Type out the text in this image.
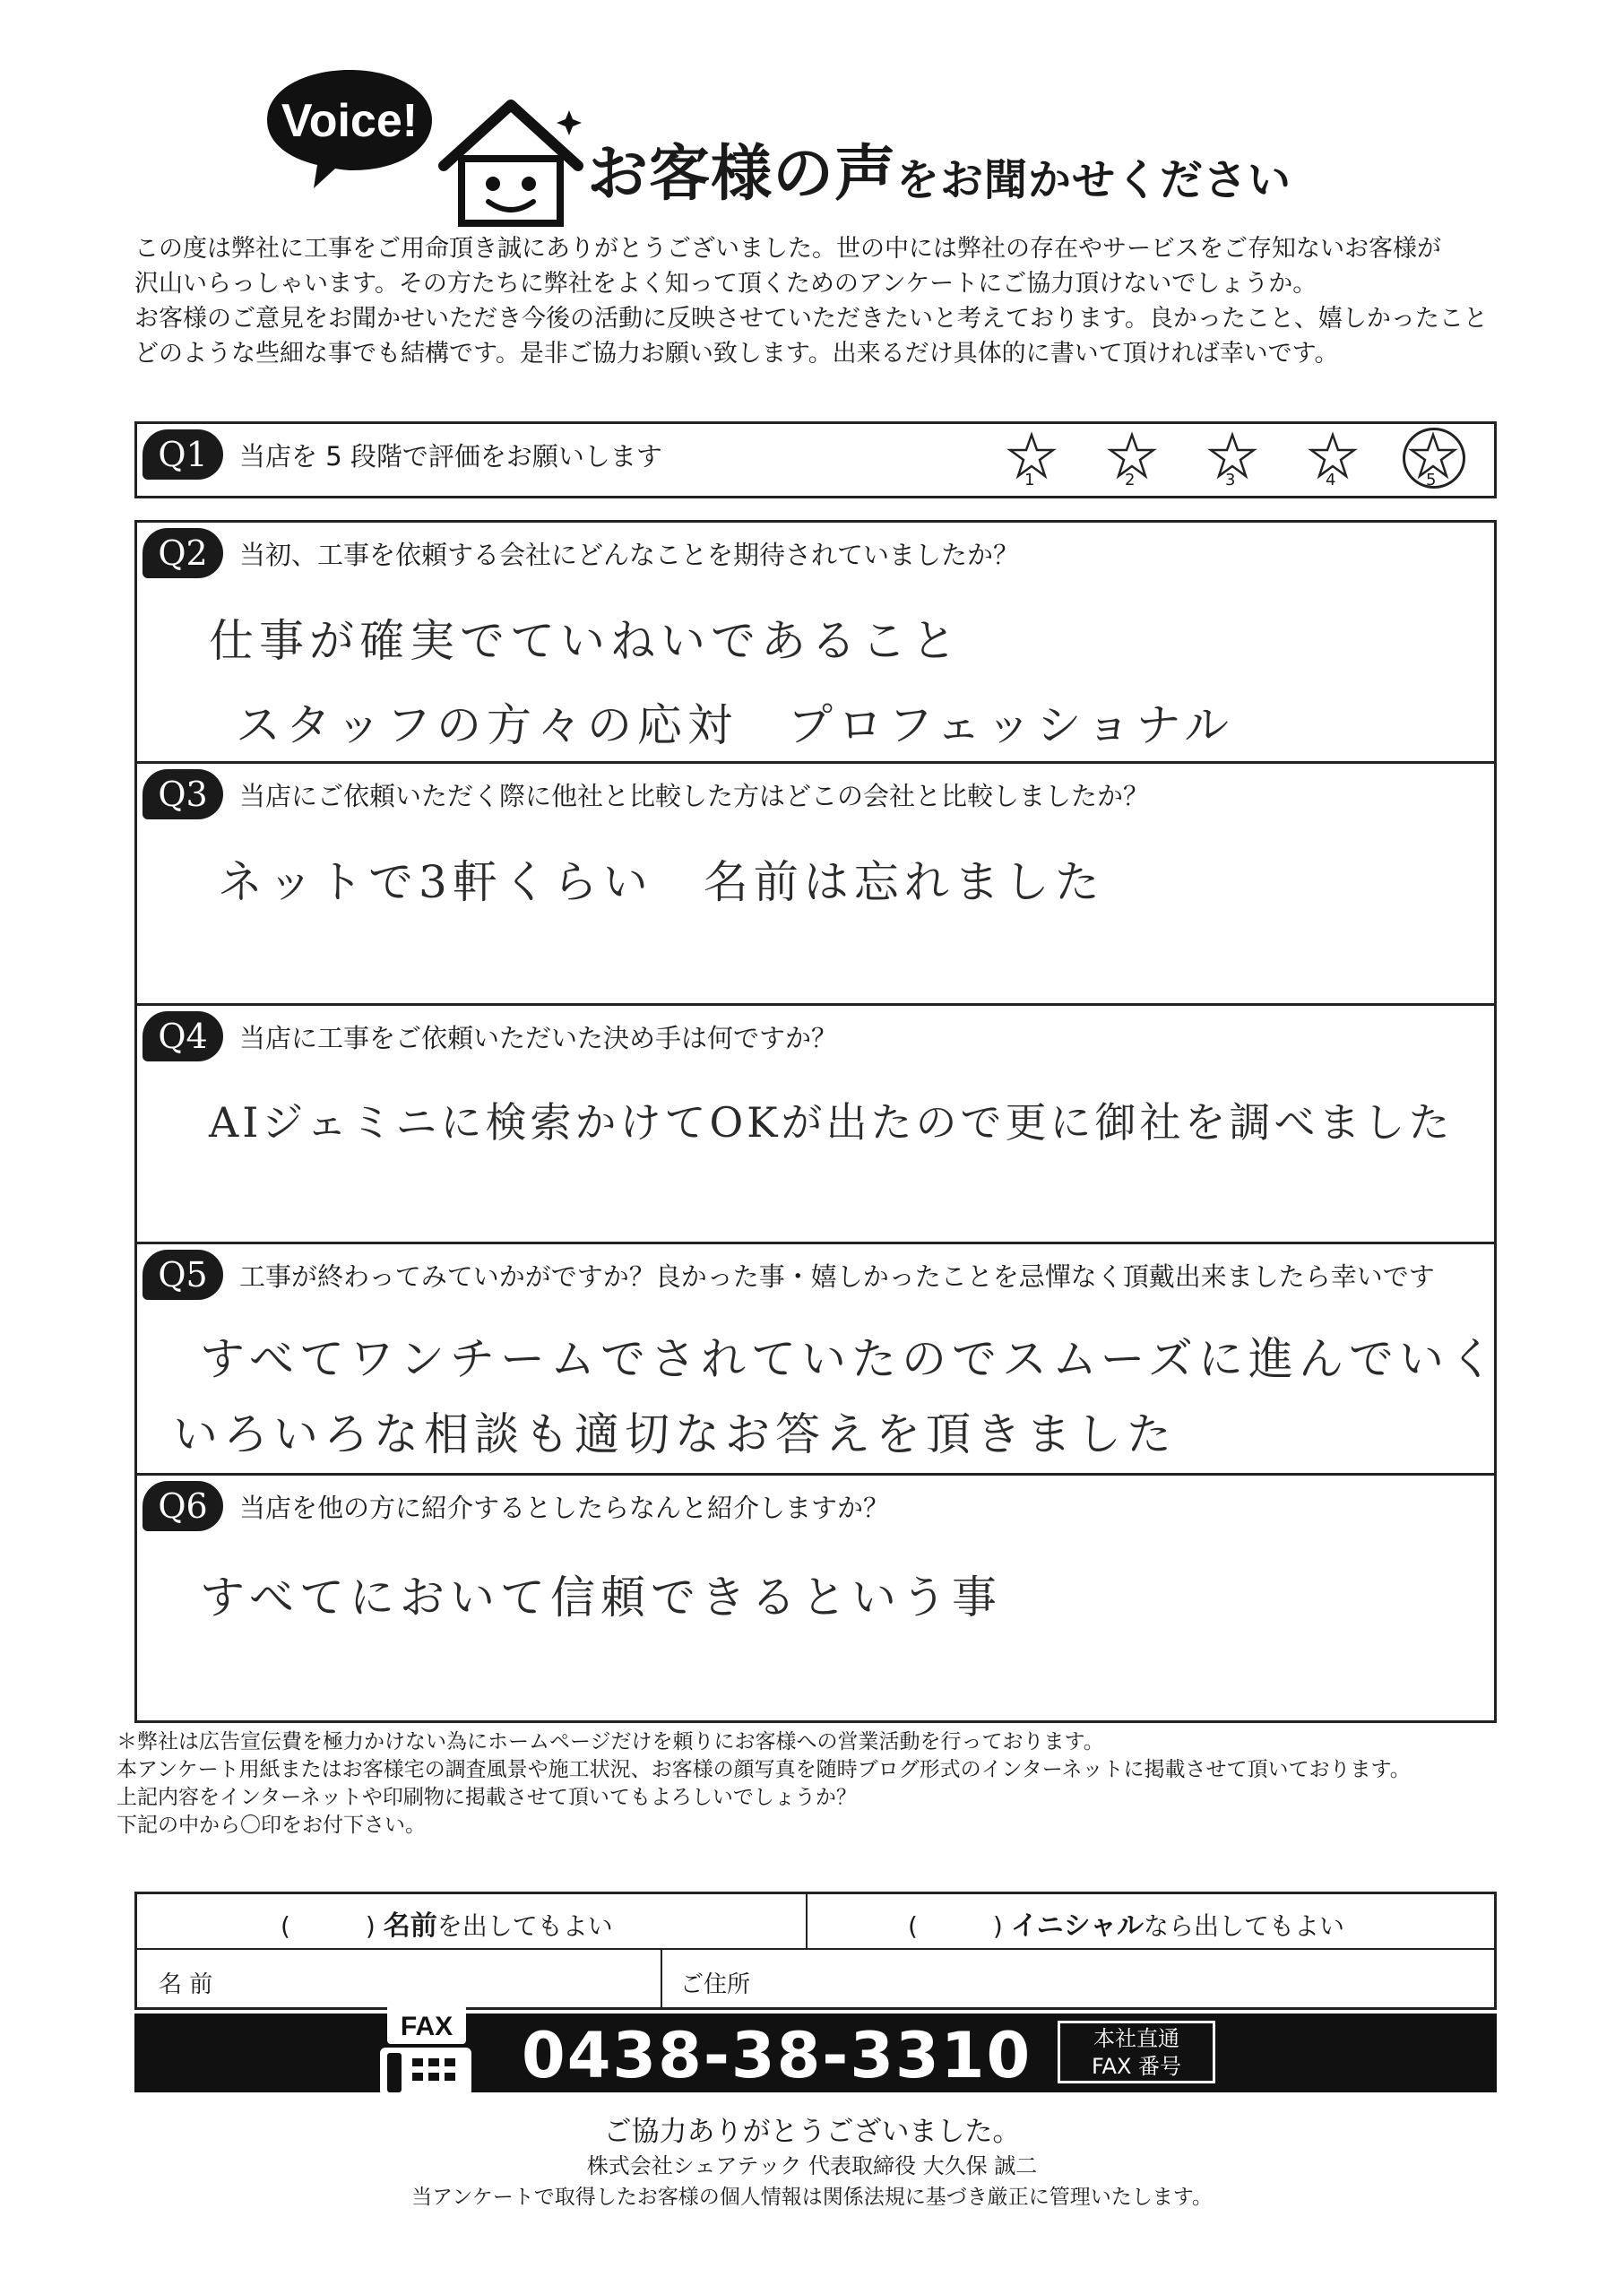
Voice!
お客様の声をお聞かせください
この度は弊社に工事をご用命頂き誠にありがとうございました。世の中には弊社の存在やサービスをご存知ないお客様が
沢山いらっしゃいます。その方たちに弊社をよく知って頂くためのアンケートにご協力頂けないでしょうか。
お客様のご意見をお聞かせいただき今後の活動に反映させていただきたいと考えております。良かったこと、嬉しかったこと
どのような些細な事でも結構です。是非ご協力お願い致します。出来るだけ具体的に書いて頂ければ幸いです。
Q1	当店を 5 段階で評価をお願いします
1	2	3	4	5
Q2	当初、工事を依頼する会社にどんなことを期待されていましたか？
仕事が確実でていねいであること
スタッフの方々の応対　プロフェッショナル
Q3	当店にご依頼いただく際に他社と比較した方はどこの会社と比較しましたか？
ネットで3軒くらい　名前は忘れました
Q4	当店に工事をご依頼いただいた決め手は何ですか？
AIジェミニに検索かけてOKが出たので更に御社を調べました
Q5	工事が終わってみていかがですか？良かった事・嬉しかったことを忌憚なく頂戴出来ましたら幸いです
すべてワンチームでされていたのでスムーズに進んでいく
いろいろな相談も適切なお答えを頂きました
Q6	当店を他の方に紹介するとしたらなんと紹介しますか？
すべてにおいて信頼できるという事
＊弊社は広告宣伝費を極力かけない為にホームページだけを頼りにお客様への営業活動を行っております。
本アンケート用紙またはお客様宅の調査風景や施工状況、お客様の顔写真を随時ブログ形式のインターネットに掲載させて頂いております。
上記内容をインターネットや印刷物に掲載させて頂いてもよろしいでしょうか？
下記の中から〇印をお付下さい。
(　　　) 名前を出してもよい	(　　　) イニシャルなら出してもよい
名 前	ご住所
FAX 0438-38-3310	本社直通
FAX 番号
ご協力ありがとうございました。
株式会社シェアテック 代表取締役 大久保 誠二
当アンケートで取得したお客様の個人情報は関係法規に基づき厳正に管理いたします。
